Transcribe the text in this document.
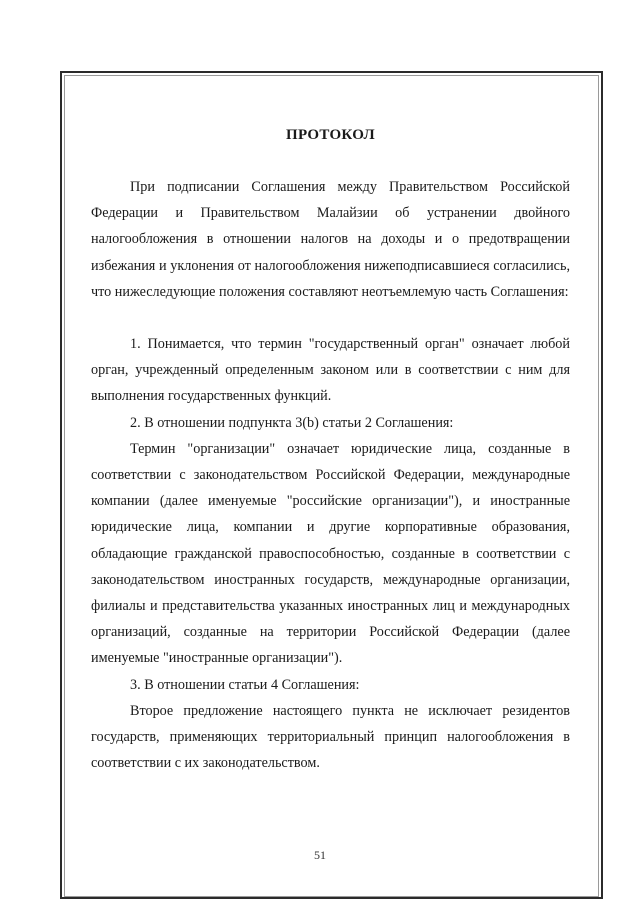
ПРОТОКОЛ

При подписании Соглашения между Правительством Российской Федерации и Правительством Малайзии об устранении двойного налогообложения в отношении налогов на доходы и о предотвращении избежания и уклонения от налогообложения нижеподписавшиеся согласились, что нижеследующие положения составляют неотъемлемую часть Соглашения:

1. Понимается, что термин "государственный орган" означает любой орган, учрежденный определенным законом или в соответствии с ним для выполнения государственных функций.

2. В отношении подпункта 3(b) статьи 2 Соглашения:

Термин "организации" означает юридические лица, созданные в соответствии с законодательством Российской Федерации, международные компании (далее именуемые "российские организации"), и иностранные юридические лица, компании и другие корпоративные образования, обладающие гражданской правоспособностью, созданные в соответствии с законодательством иностранных государств, международные организации, филиалы и представительства указанных иностранных лиц и международных организаций, созданные на территории Российской Федерации (далее именуемые "иностранные организации").

3. В отношении статьи 4 Соглашения:

Второе предложение настоящего пункта не исключает резидентов государств, применяющих территориальный принцип налогообложения в соответствии с их законодательством.

51
